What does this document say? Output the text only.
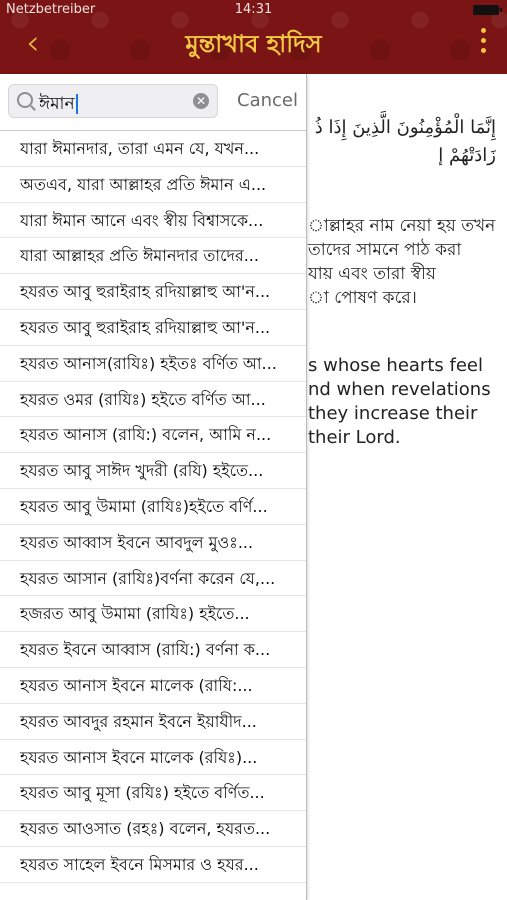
Netzbetreiber	14:31
‹	মুন্তাখাব হাদিস
إِنَّمَا الْمُؤْمِنُونَ الَّذِينَ إِذَا ذُ
زَادَتْهُمْ إ
াল্লাহর নাম নেয়া হয় তখন
তাদের সামনে পাঠ করা
যায় এবং তারা স্বীয়
া পোষণ করে।
s whose hearts feel
nd when revelations
they increase their
their Lord.
ঈমান	✕ Cancel
যারা ঈমানদার, তারা এমন যে, যখন...
অতএব, যারা আল্লাহর প্রতি ঈমান এ...
যারা ঈমান আনে এবং স্বীয় বিশ্বাসকে...
যারা আল্লাহর প্রতি ঈমানদার তাদের...
হযরত আবু হুরাইরাহ রদিয়াল্লাহু আ'ন...
হযরত আবু হুরাইরাহ রদিয়াল্লাহু আ'ন...
হযরত আনাস(রাযিঃ) হইতঃ বর্ণিত আ...
হযরত ওমর (রাযিঃ) হইতে বর্ণিত আ...
হযরত আনাস (রাযি:) বলেন, আমি ন...
হযরত আবু সাঈদ খুদরী (রযি) হইতে...
হযরত আবু উমামা (রাযিঃ)হইতে বর্ণি...
হযরত আব্বাস ইবনে আবদুল মুওঃ...
হযরত আসান (রাযিঃ)বর্ণনা করেন যে,...
হজরত আবু উমামা (রাযিঃ) হইতে...
হযরত ইবনে আব্বাস (রাযি:) বর্ণনা ক...
হযরত আনাস ইবনে মালেক (রাযি:...
হযরত আবদুর রহমান ইবনে ইয়াযীদ...
হযরত আনাস ইবনে মালেক (রযিঃ)...
হযরত আবু মূসা (রযিঃ) হইতে বর্ণিত...
হযরত আওসাত (রহঃ) বলেন, হযরত...
হযরত সাহেল ইবনে মিসমার ও হযর...
